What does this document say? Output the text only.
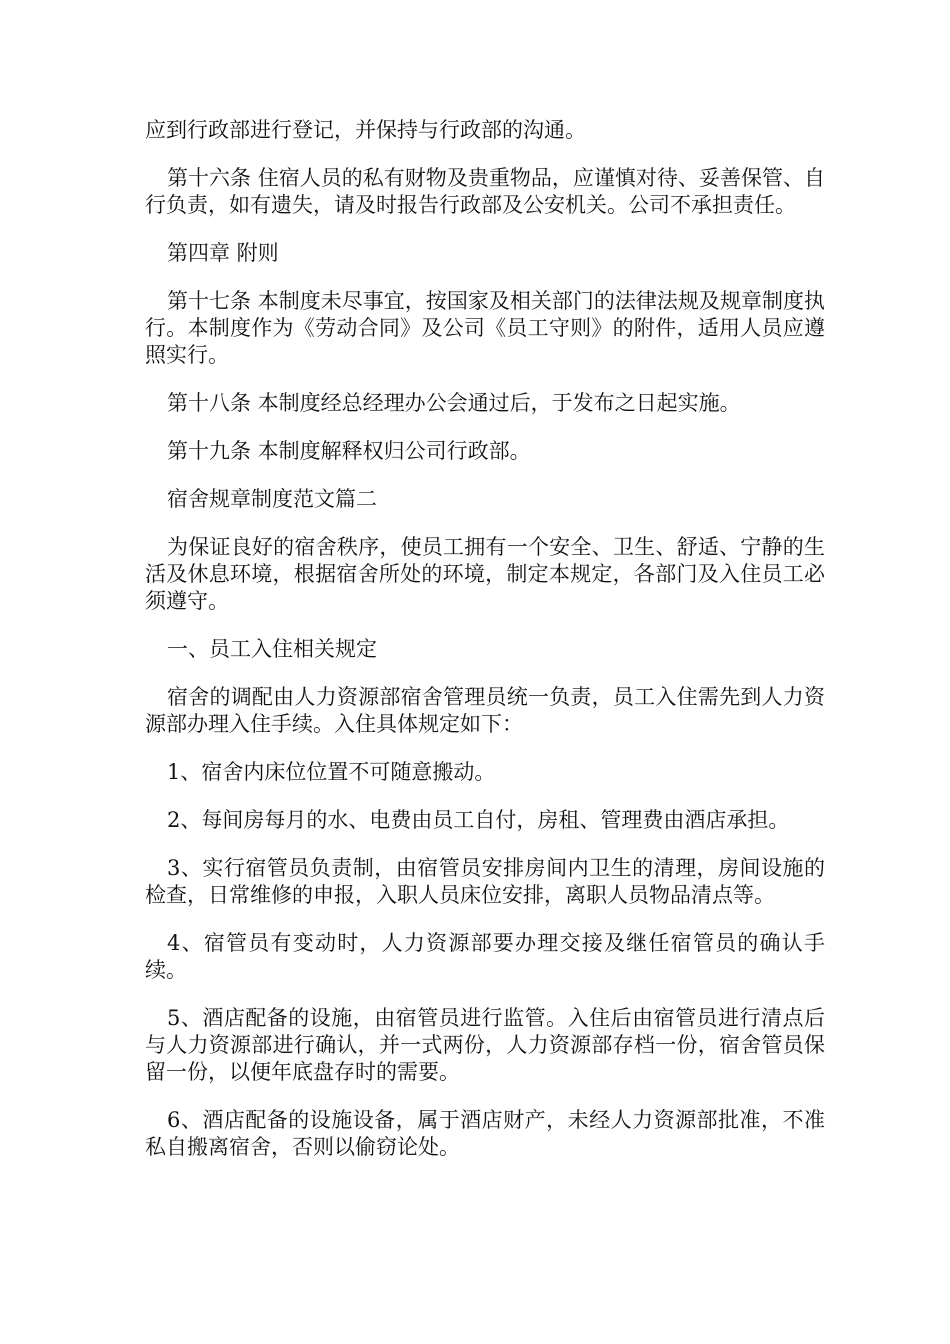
应到行政部进行登记，并保持与行政部的沟通。

第十六条 住宿人员的私有财物及贵重物品，应谨慎对待、妥善保管、自行负责，如有遗失，请及时报告行政部及公安机关。公司不承担责任。

第四章 附则

第十七条 本制度未尽事宜，按国家及相关部门的法律法规及规章制度执行。本制度作为《劳动合同》及公司《员工守则》的附件，适用人员应遵照实行。

第十八条 本制度经总经理办公会通过后，于发布之日起实施。

第十九条 本制度解释权归公司行政部。

宿舍规章制度范文篇二

为保证良好的宿舍秩序，使员工拥有一个安全、卫生、舒适、宁静的生活及休息环境，根据宿舍所处的环境，制定本规定，各部门及入住员工必须遵守。

一、员工入住相关规定

宿舍的调配由人力资源部宿舍管理员统一负责，员工入住需先到人力资源部办理入住手续。入住具体规定如下：

1、宿舍内床位位置不可随意搬动。

2、每间房每月的水、电费由员工自付，房租、管理费由酒店承担。

3、实行宿管员负责制，由宿管员安排房间内卫生的清理，房间设施的检查，日常维修的申报，入职人员床位安排，离职人员物品清点等。

4、宿管员有变动时，人力资源部要办理交接及继任宿管员的确认手续。

5、酒店配备的设施，由宿管员进行监管。入住后由宿管员进行清点后与人力资源部进行确认，并一式两份，人力资源部存档一份，宿舍管员保留一份，以便年底盘存时的需要。

6、酒店配备的设施设备，属于酒店财产，未经人力资源部批准，不准私自搬离宿舍，否则以偷窃论处。
